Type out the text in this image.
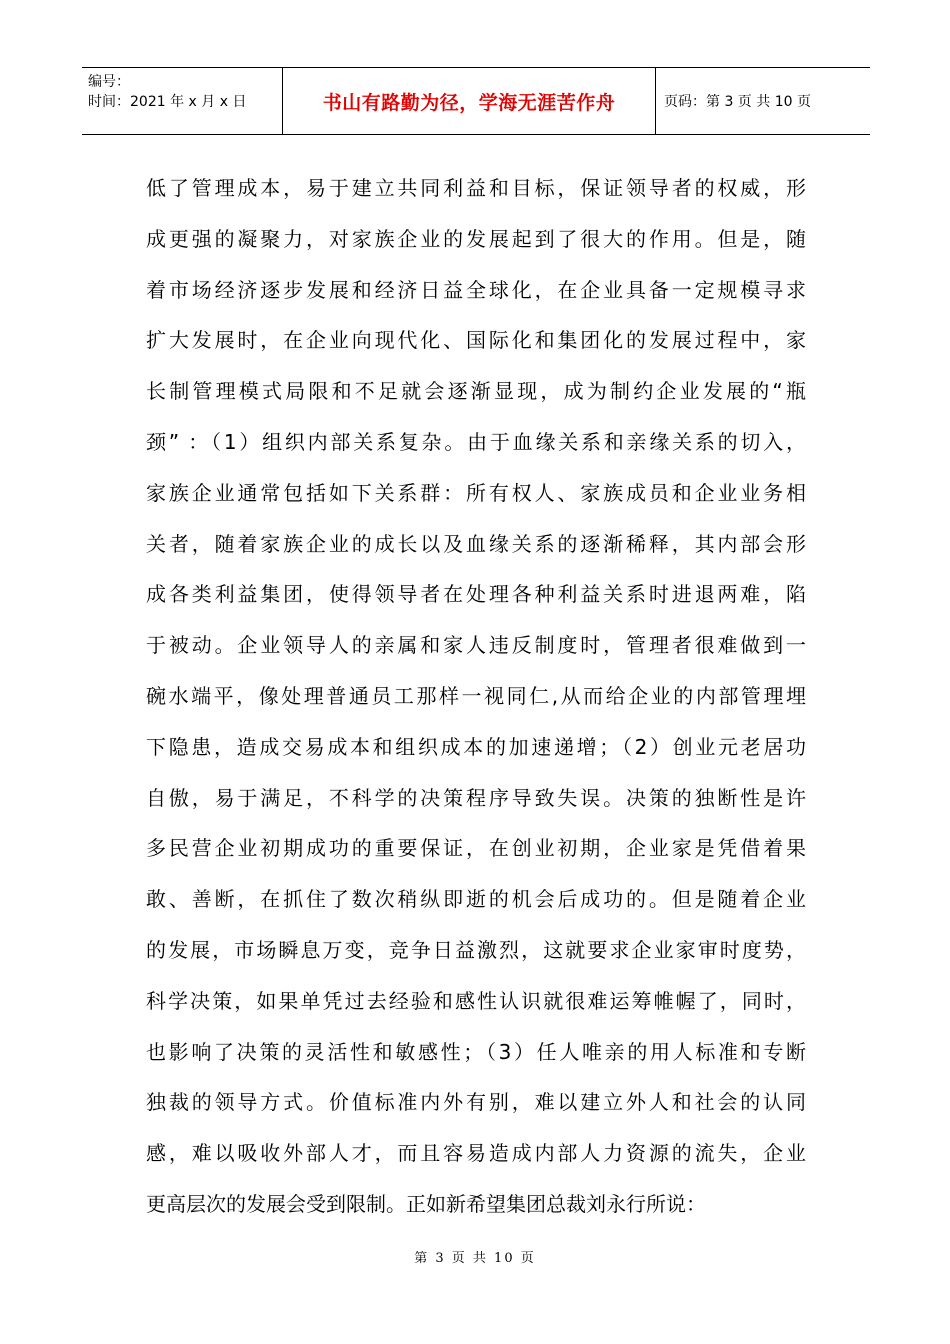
编号：
时间：2021 年 x 月 x 日	书山有路勤为径，学海无涯苦作舟	页码：第 3 页 共 10 页
低了管理成本，易于建立共同利益和目标，保证领导者的权威，形
成更强的凝聚力，对家族企业的发展起到了很大的作用。但是，随
着市场经济逐步发展和经济日益全球化，在企业具备一定规模寻求
扩大发展时，在企业向现代化、国际化和集团化的发展过程中，家
长制管理模式局限和不足就会逐渐显现，成为制约企业发展的“瓶
颈” ：（1）组织内部关系复杂。由于血缘关系和亲缘关系的切入，
家族企业通常包括如下关系群：所有权人、家族成员和企业业务相
关者，随着家族企业的成长以及血缘关系的逐渐稀释，其内部会形
成各类利益集团，使得领导者在处理各种利益关系时进退两难，陷
于被动。企业领导人的亲属和家人违反制度时，管理者很难做到一
碗水端平，像处理普通员工那样一视同仁,从而给企业的内部管理埋
下隐患，造成交易成本和组织成本的加速递增；（2）创业元老居功
自傲，易于满足，不科学的决策程序导致失误。决策的独断性是许
多民营企业初期成功的重要保证，在创业初期，企业家是凭借着果
敢、善断，在抓住了数次稍纵即逝的机会后成功的。但是随着企业
的发展，市场瞬息万变，竞争日益激烈，这就要求企业家审时度势，
科学决策，如果单凭过去经验和感性认识就很难运筹帷幄了，同时，
也影响了决策的灵活性和敏感性；（3）任人唯亲的用人标准和专断
独裁的领导方式。价值标准内外有别，难以建立外人和社会的认同
感，难以吸收外部人才，而且容易造成内部人力资源的流失，企业
更高层次的发展会受到限制。正如新希望集团总裁刘永行所说：
第 3 页 共 10 页
